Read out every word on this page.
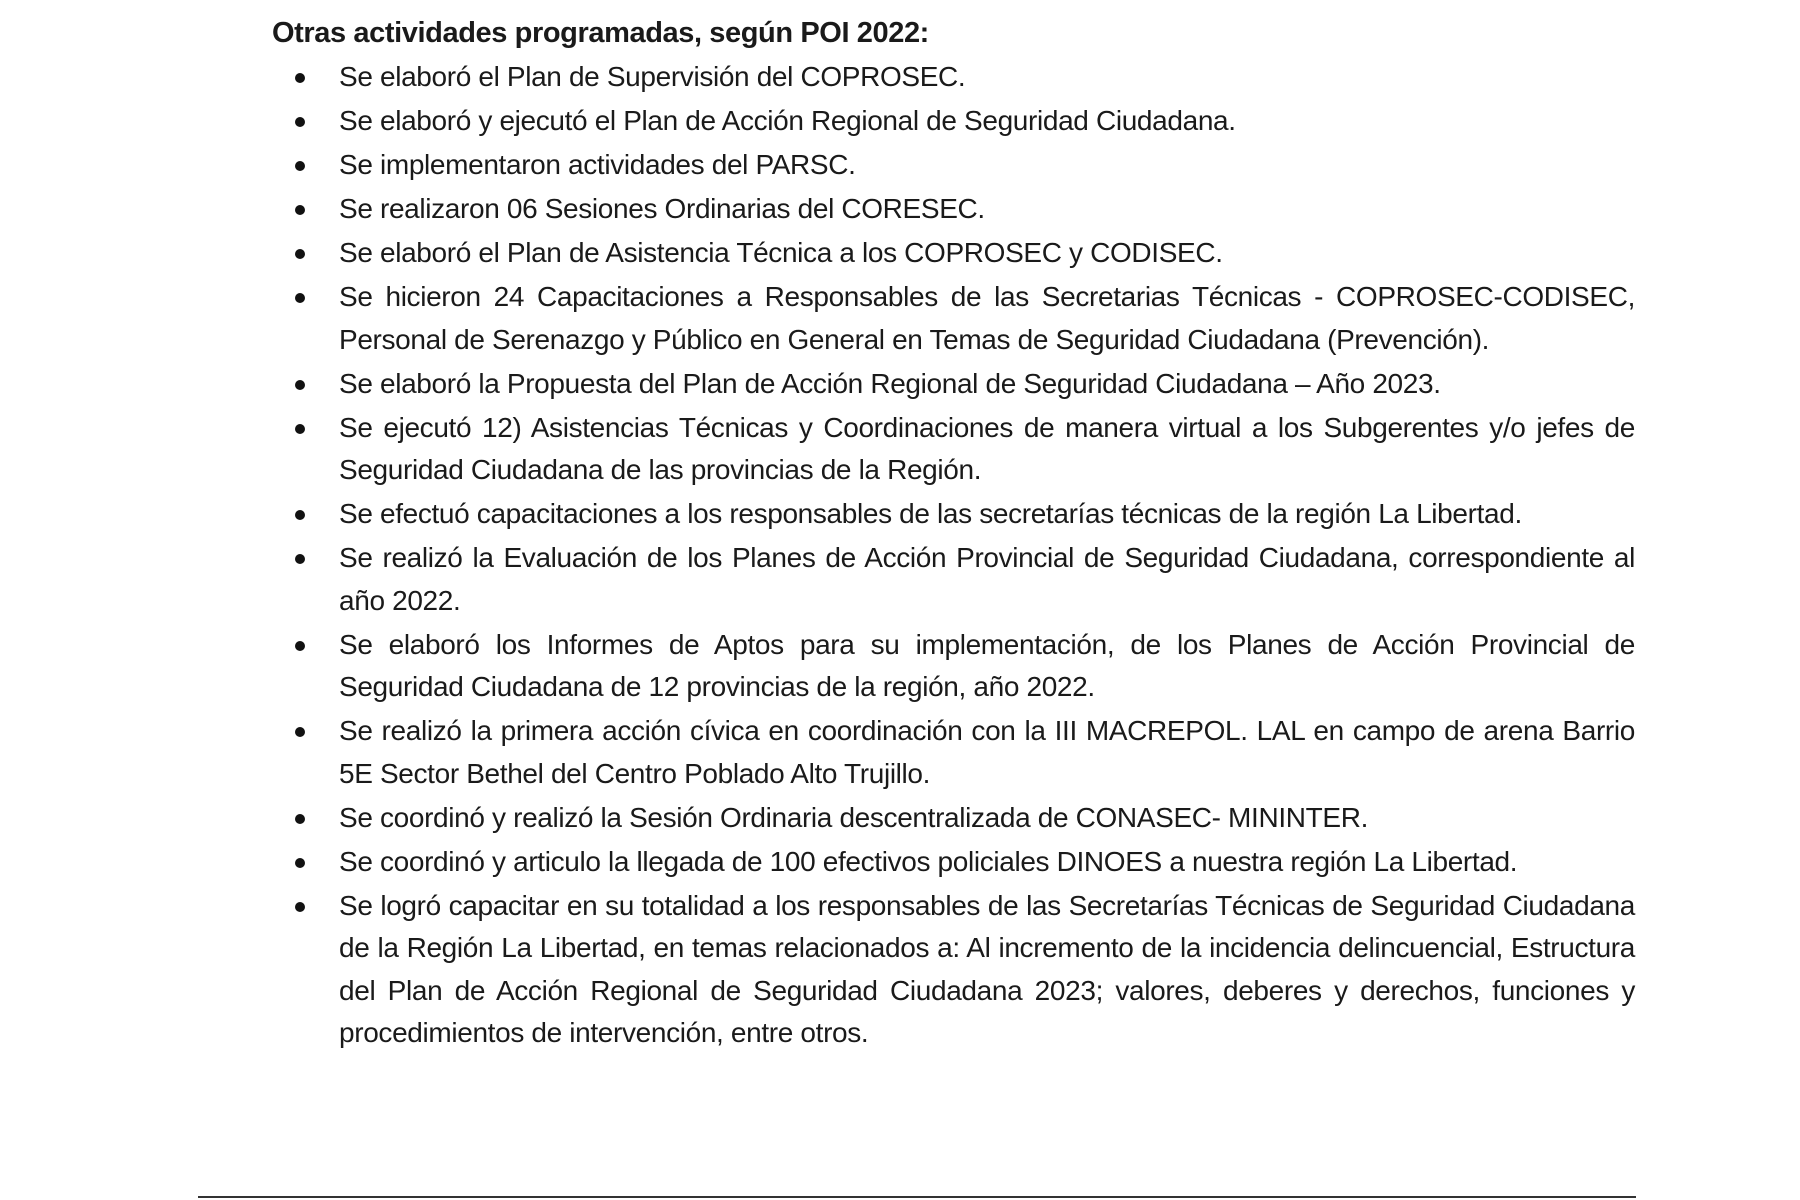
Otras actividades programadas, según POI 2022:
Se elaboró el Plan de Supervisión del COPROSEC.
Se elaboró y ejecutó el Plan de Acción Regional de Seguridad Ciudadana.
Se implementaron actividades del PARSC.
Se realizaron 06 Sesiones Ordinarias del CORESEC.
Se elaboró el Plan de Asistencia Técnica a los COPROSEC y CODISEC.
Se hicieron 24 Capacitaciones a Responsables de las Secretarias Técnicas - COPROSEC-CODISEC, Personal de Serenazgo y Público en General en Temas de Seguridad Ciudadana (Prevención).
Se elaboró la Propuesta del Plan de Acción Regional de Seguridad Ciudadana – Año 2023.
Se ejecutó 12) Asistencias Técnicas y Coordinaciones de manera virtual a los Subgerentes y/o jefes de Seguridad Ciudadana de las provincias de la Región.
Se efectuó capacitaciones a los responsables de las secretarías técnicas de la región La Libertad.
Se realizó la Evaluación de los Planes de Acción Provincial de Seguridad Ciudadana, correspondiente al año 2022.
Se elaboró los Informes de Aptos para su implementación, de los Planes de Acción Provincial de Seguridad Ciudadana de 12 provincias de la región, año 2022.
Se realizó la primera acción cívica en coordinación con la III MACREPOL. LAL en campo de arena Barrio 5E Sector Bethel del Centro Poblado Alto Trujillo.
Se coordinó y realizó la Sesión Ordinaria descentralizada de CONASEC- MININTER.
Se coordinó y articulo la llegada de 100 efectivos policiales DINOES a nuestra región La Libertad.
Se logró capacitar en su totalidad a los responsables de las Secretarías Técnicas de Seguridad Ciudadana de la Región La Libertad, en temas relacionados a: Al incremento de la incidencia delincuencial, Estructura del Plan de Acción Regional de Seguridad Ciudadana 2023; valores, deberes y derechos, funciones y procedimientos de intervención, entre otros.
